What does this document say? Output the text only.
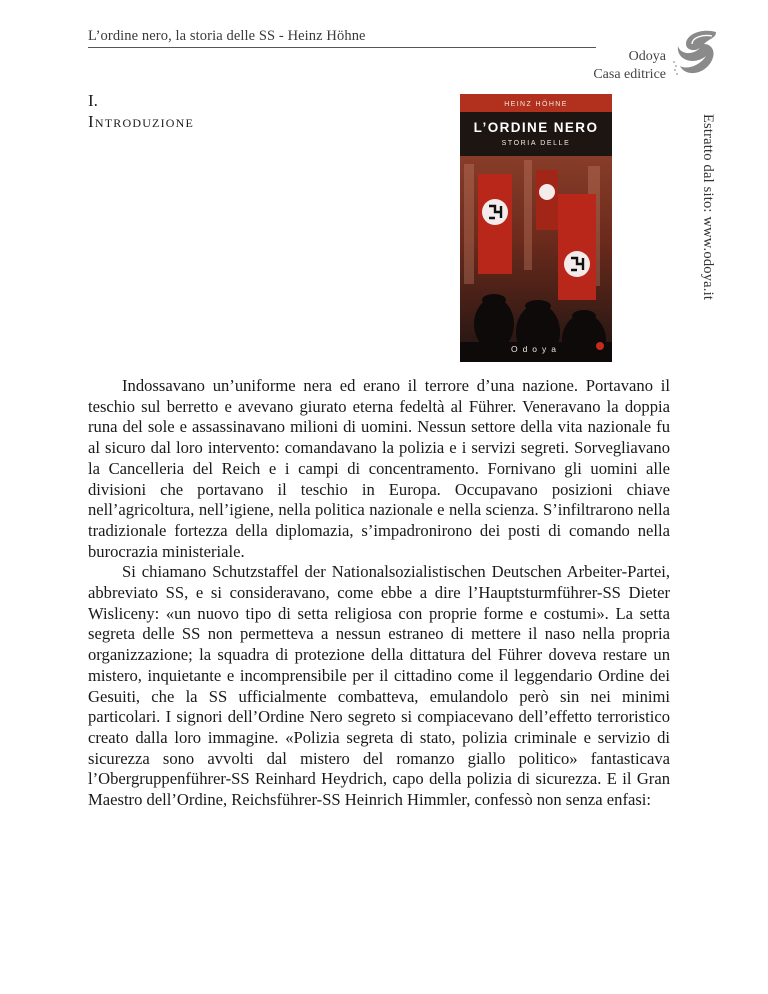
L’ordine nero, la storia delle SS - Heinz Höhne
Odoya
Casa editrice
Estratto dal sito: www.odoya.it
I.
Introduzione
HEINZ HÖHNE
L’ORDINE NERO
STORIA DELLE
Odoya

Indossavano un’uniforme nera ed erano il terrore d’una nazione. Portavano il teschio sul berretto e avevano giurato eterna fedeltà al Führer. Veneravano la doppia runa del sole e assassinavano milioni di uomini. Nessun settore della vita nazionale fu al sicuro dal loro intervento: comandavano la polizia e i servizi segreti. Sorvegliavano la Cancelleria del Reich e i campi di concentramento. Fornivano gli uomini alle divisioni che portavano il teschio in Europa. Occupavano posizioni chiave nell’agricoltura, nell’igiene, nella politica nazionale e nella scienza. S’infiltrarono nella tradizionale fortezza della diplomazia, s’impadronirono dei posti di comando nella burocrazia ministeriale.

Si chiamano Schutzstaffel der Nationalsozialistischen Deutschen Arbeiter-Partei, abbreviato SS, e si consideravano, come ebbe a dire l’Hauptsturmführer-SS Dieter Wisliceny: «un nuovo tipo di setta religiosa con proprie forme e costumi». La setta segreta delle SS non permetteva a nessun estraneo di mettere il naso nella propria organizzazione; la squadra di protezione della dittatura del Führer doveva restare un mistero, inquietante e incomprensibile per il cittadino come il leggendario Ordine dei Gesuiti, che la SS ufficialmente combatteva, emulandolo però sin nei minimi particolari. I signori dell’Ordine Nero segreto si compiacevano dell’effetto terroristico creato dalla loro immagine. «Polizia segreta di stato, polizia criminale e servizio di sicurezza sono avvolti dal mistero del romanzo giallo politico» fantasticava l’Obergruppenführer-SS Reinhard Heydrich, capo della polizia di sicurezza. E il Gran Maestro dell’Ordine, Reichsführer-SS Heinrich Himmler, confessò non senza enfasi:
